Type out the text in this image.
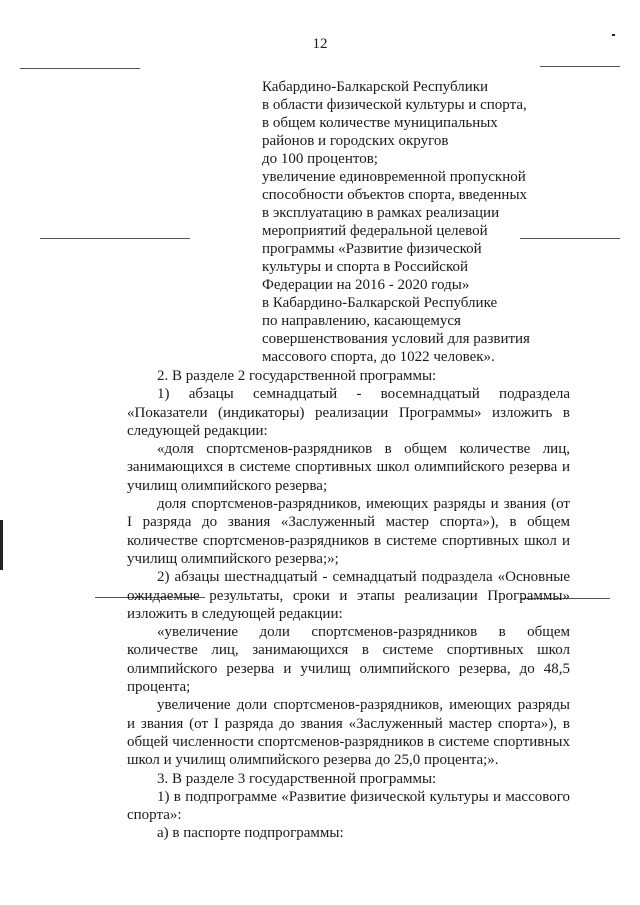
12
Кабардино-Балкарской Республики
в области физической культуры и спорта,
в общем количестве муниципальных
районов и городских округов
до 100 процентов;
увеличение единовременной пропускной
способности объектов спорта, введенных
в эксплуатацию в рамках реализации
мероприятий федеральной целевой
программы «Развитие физической
культуры и спорта в Российской
Федерации на 2016 - 2020 годы»
в Кабардино-Балкарской Республике
по направлению, касающемуся
совершенствования условий для развития
массового спорта, до 1022 человек».
2. В разделе 2 государственной программы:
1) абзацы семнадцатый - восемнадцатый подраздела «Показатели (индикаторы) реализации Программы» изложить в следующей редакции:
«доля спортсменов-разрядников в общем количестве лиц, занимающихся в системе спортивных школ олимпийского резерва и училищ олимпийского резерва;
доля спортсменов-разрядников, имеющих разряды и звания (от I разряда до звания «Заслуженный мастер спорта»), в общем количестве спортсменов-разрядников в системе спортивных школ и училищ олимпийского резерва;»;
2) абзацы шестнадцатый - семнадцатый подраздела «Основные ожидаемые результаты, сроки и этапы реализации Программы» изложить в следующей редакции:
«увеличение доли спортсменов-разрядников в общем количестве лиц, занимающихся в системе спортивных школ олимпийского резерва и училищ олимпийского резерва, до 48,5 процента;
увеличение доли спортсменов-разрядников, имеющих разряды и звания (от I разряда до звания «Заслуженный мастер спорта»), в общей численности спортсменов-разрядников в системе спортивных школ и училищ олимпийского резерва до 25,0 процента;».
3. В разделе 3 государственной программы:
1) в подпрограмме «Развитие физической культуры и массового спорта»:
а) в паспорте подпрограммы:
